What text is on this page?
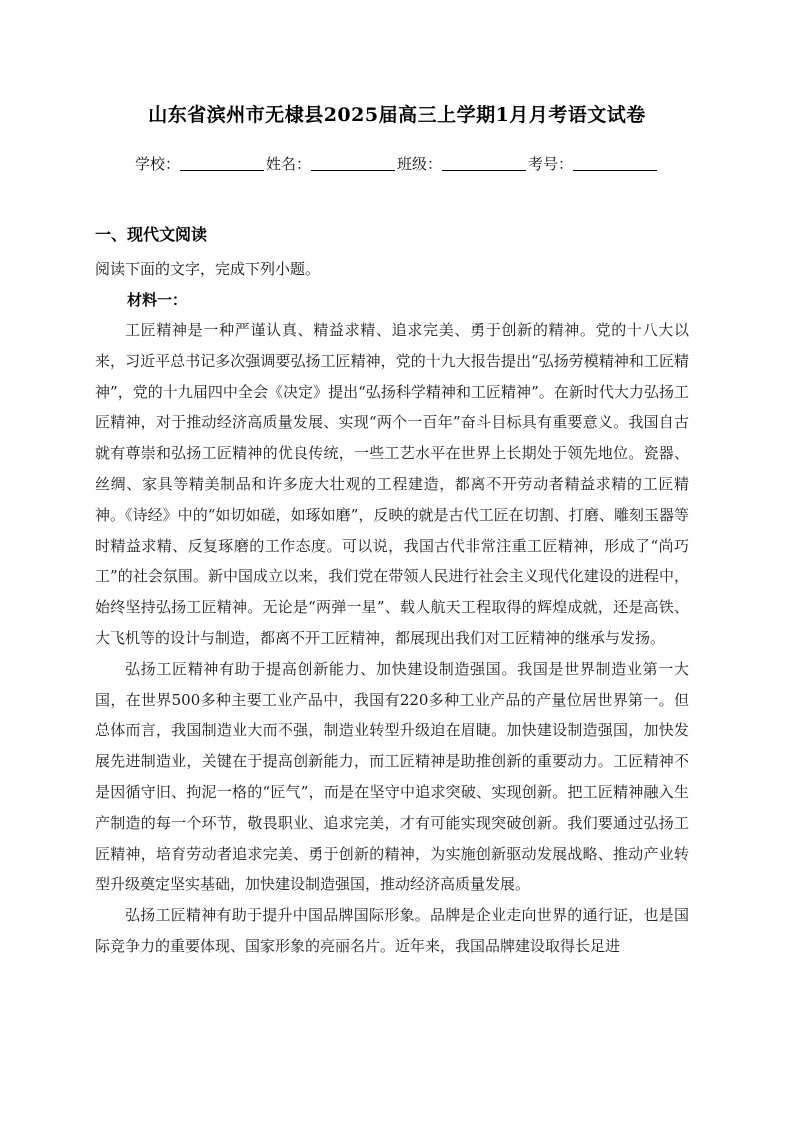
山东省滨州市无棣县2025届高三上学期1月月考语文试卷
学校：	姓名：	班级：	考号：
一、现代文阅读
阅读下面的文字，完成下列小题。
材料一：

工匠精神是一种严谨认真、精益求精、追求完美、勇于创新的精神。党的十八大以来，习近平总书记多次强调要弘扬工匠精神，党的十九大报告提出“弘扬劳模精神和工匠精神”，党的十九届四中全会《决定》提出“弘扬科学精神和工匠精神”。在新时代大力弘扬工匠精神，对于推动经济高质量发展、实现“两个一百年”奋斗目标具有重要意义。我国自古就有尊崇和弘扬工匠精神的优良传统，一些工艺水平在世界上长期处于领先地位。瓷器、丝绸、家具等精美制品和许多庞大壮观的工程建造，都离不开劳动者精益求精的工匠精神。《诗经》中的“如切如磋，如琢如磨”，反映的就是古代工匠在切割、打磨、雕刻玉器等时精益求精、反复琢磨的工作态度。可以说，我国古代非常注重工匠精神，形成了“尚巧工”的社会氛围。新中国成立以来，我们党在带领人民进行社会主义现代化建设的进程中，始终坚持弘扬工匠精神。无论是“两弹一星”、载人航天工程取得的辉煌成就，还是高铁、大飞机等的设计与制造，都离不开工匠精神，都展现出我们对工匠精神的继承与发扬。

弘扬工匠精神有助于提高创新能力、加快建设制造强国。我国是世界制造业第一大国，在世界500多种主要工业产品中，我国有220多种工业产品的产量位居世界第一。但总体而言，我国制造业大而不强，制造业转型升级迫在眉睫。加快建设制造强国，加快发展先进制造业，关键在于提高创新能力，而工匠精神是助推创新的重要动力。工匠精神不是因循守旧、拘泥一格的“匠气”，而是在坚守中追求突破、实现创新。把工匠精神融入生产制造的每一个环节，敬畏职业、追求完美，才有可能实现突破创新。我们要通过弘扬工匠精神，培育劳动者追求完美、勇于创新的精神，为实施创新驱动发展战略、推动产业转型升级奠定坚实基础，加快建设制造强国，推动经济高质量发展。

弘扬工匠精神有助于提升中国品牌国际形象。品牌是企业走向世界的通行证，也是国际竞争力的重要体现、国家形象的亮丽名片。近年来，我国品牌建设取得长足进
